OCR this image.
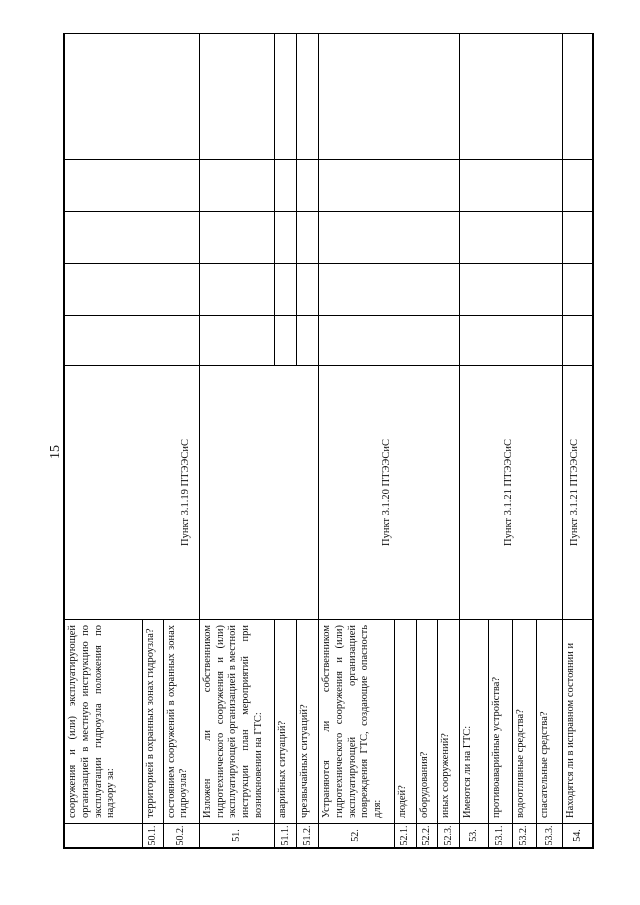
15
	сооружения и (или) эксплуатирующей организацией в местную инструкцию по эксплуатации гидроузла положения по надзору за:	Пункт 3.1.19 ПТЭЭСиС					
50.1.	территорией в охранных зонах гидроузла?						
50.2.	состоянием сооружений в охранных зонах гидроузла?						
51.	Изложен ли собственником гидротехнического сооружения и (или) эксплуатирующей организацией в местной инструкции план мероприятий при возникновении на ГТС:						
51.1.	аварийных ситуаций?						
51.2.	чрезвычайных ситуаций?						
52.	Устраняются ли собственником гидротехнического сооружения и (или) эксплуатирующей организацией повреждения ГТС, создающие опасность для:	Пункт 3.1.20 ПТЭЭСиС					
52.1.	людей?						
52.2.	оборудования?						
52.3.	иных сооружений?						
53.	Имеются ли на ГТС:	Пункт 3.1.21 ПТЭЭСиС					
53.1.	противоаварийные устройства?						
53.2.	водоотливные средства?						
53.3.	спасательные средства?						
54.	Находятся ли в исправном состоянии и	Пункт 3.1.21 ПТЭЭСиС					
